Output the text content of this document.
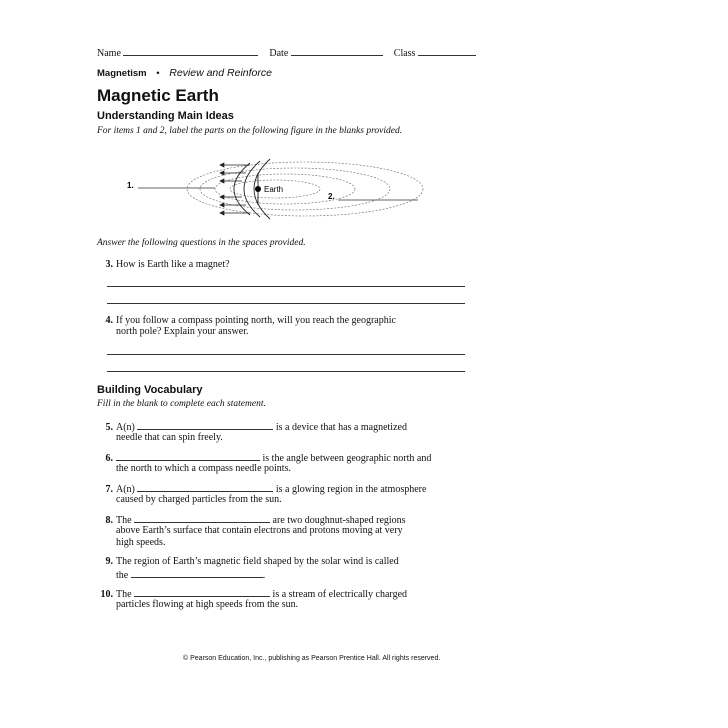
Name	Date	Class
Magnetism • Review and Reinforce
Magnetic Earth
Understanding Main Ideas
For items 1 and 2, label the parts on the following figure in the blanks provided.
Earth
1.
2.
Answer the following questions in the spaces provided.
3. How is Earth like a magnet?
4. If you follow a compass pointing north, will you reach the geographic
north pole? Explain your answer.
Building Vocabulary
Fill in the blank to complete each statement.
5. A(n)	is a device that has a magnetized
needle that can spin freely.
6.	is the angle between geographic north and
the north to which a compass needle points.
7. A(n)	is a glowing region in the atmosphere
caused by charged particles from the sun.
8. The	are two doughnut-shaped regions
above Earth’s surface that contain electrons and protons moving at very
high speeds.
9. The region of Earth’s magnetic field shaped by the solar wind is called
the	.
10. The	is a stream of electrically charged
particles flowing at high speeds from the sun.
© Pearson Education, Inc., publishing as Pearson Prentice Hall. All rights reserved.
